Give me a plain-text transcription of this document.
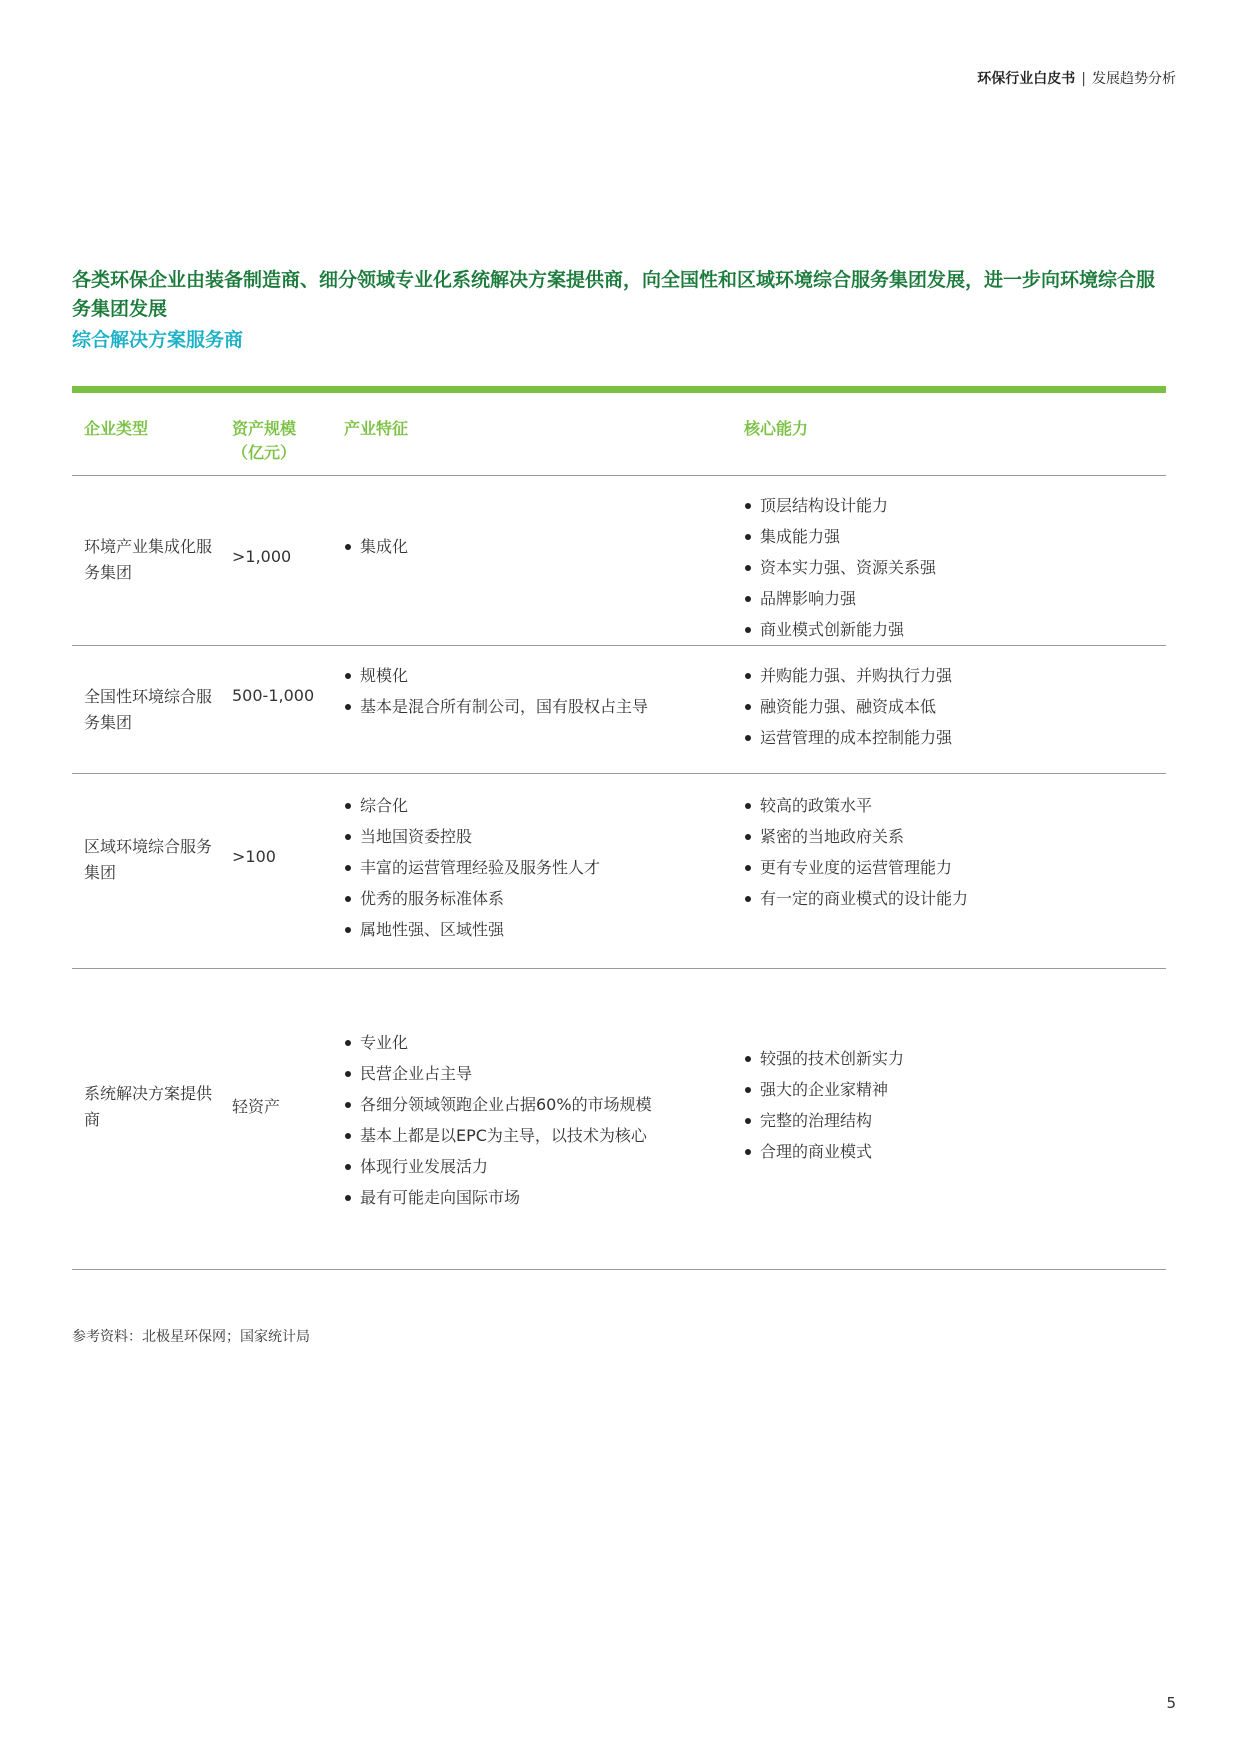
环保行业白皮书 | 发展趋势分析
各类环保企业由装备制造商、细分领域专业化系统解决方案提供商，向全国性和区域环境综合服务集团发展，进一步向环境综合服务集团发展
综合解决方案服务商
企业类型	资产规模
（亿元）
产业特征	核心能力
环境产业集成化服务集团
>1,000
集成化
顶层结构设计能力
集成能力强
资本实力强、资源关系强
品牌影响力强
商业模式创新能力强
全国性环境综合服务集团
500-1,000
规模化
基本是混合所有制公司，国有股权占主导
并购能力强、并购执行力强
融资能力强、融资成本低
运营管理的成本控制能力强
区域环境综合服务集团
>100
综合化
当地国资委控股
丰富的运营管理经验及服务性人才
优秀的服务标准体系
属地性强、区域性强
较高的政策水平
紧密的当地政府关系
更有专业度的运营管理能力
有一定的商业模式的设计能力
系统解决方案提供商
轻资产
专业化
民营企业占主导
各细分领域领跑企业占据60%的市场规模
基本上都是以EPC为主导，以技术为核心
体现行业发展活力
最有可能走向国际市场
较强的技术创新实力
强大的企业家精神
完整的治理结构
合理的商业模式
参考资料：北极星环保网；国家统计局
5
